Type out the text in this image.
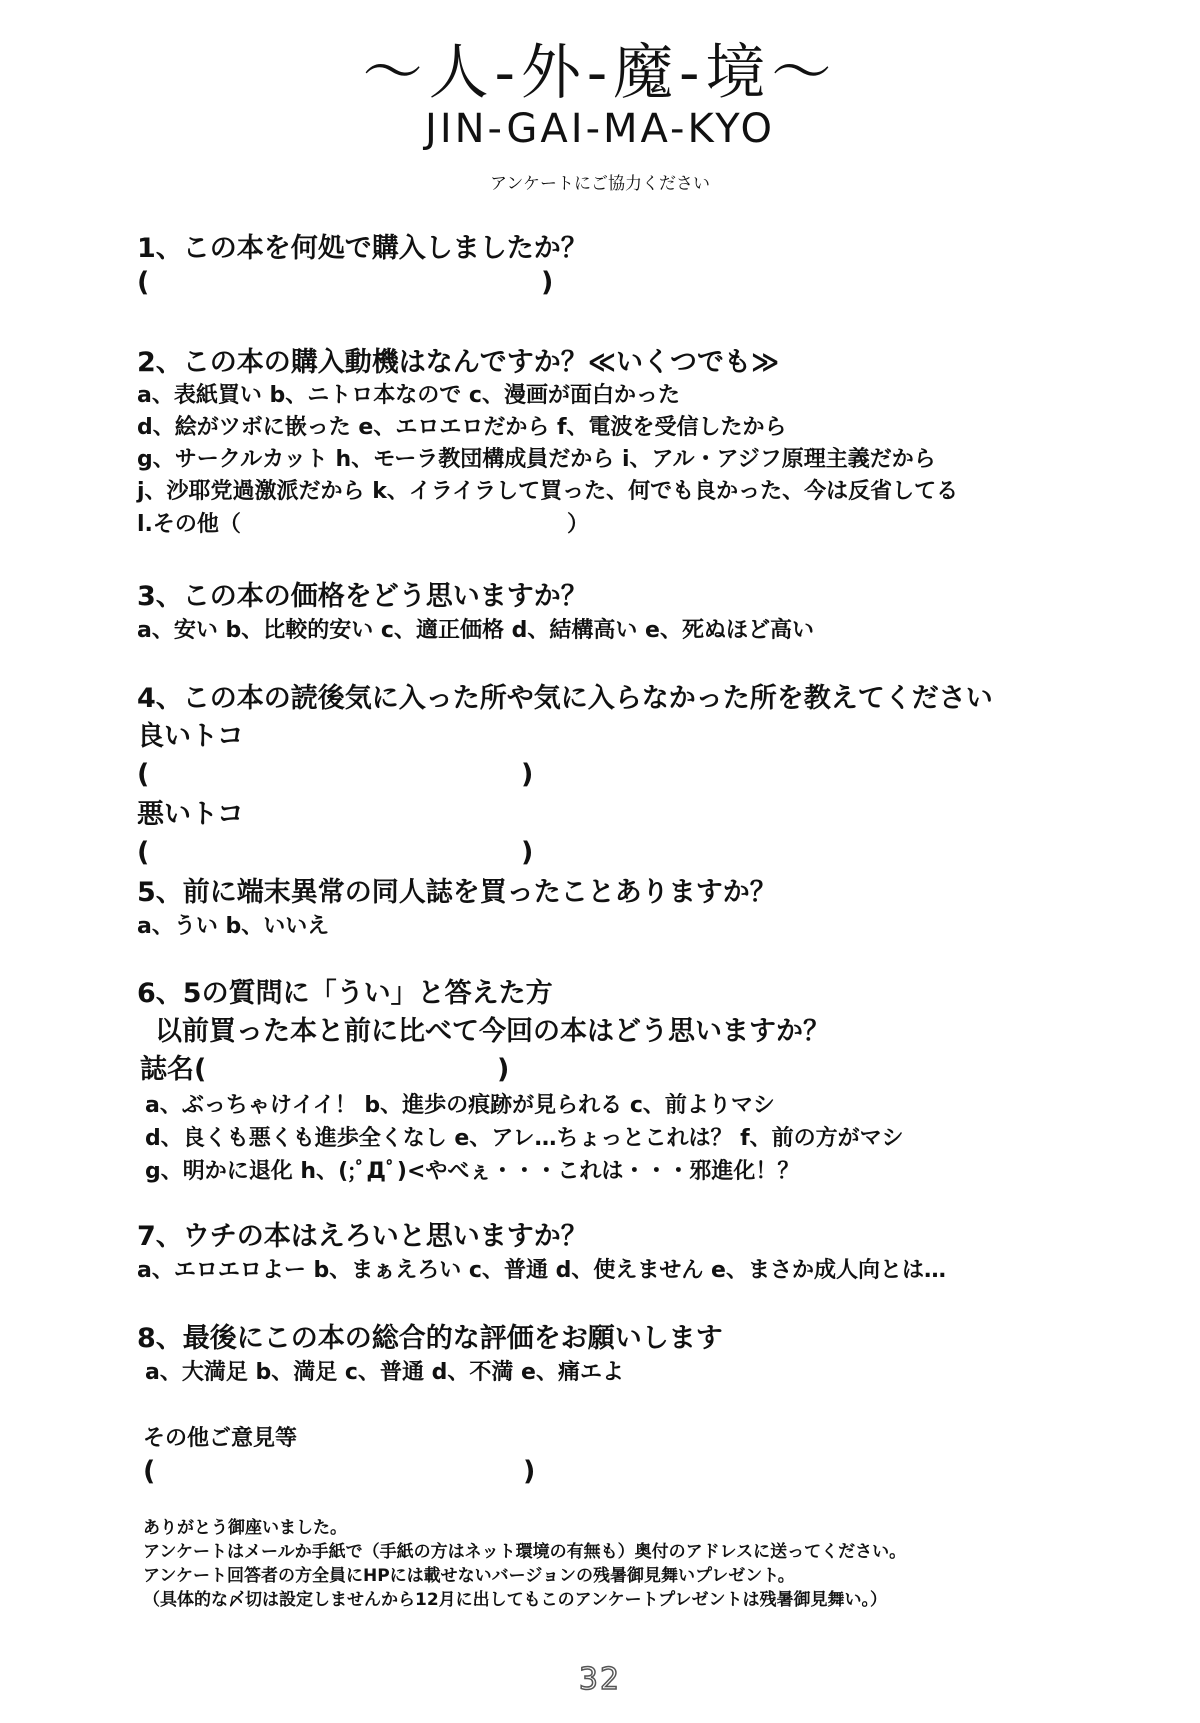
〜人-外-魔-境〜
JIN-GAI-MA-KYO
アンケートにご協力ください
1、この本を何処で購入しましたか？
(	)
2、この本の購入動機はなんですか？≪いくつでも≫
a、表紙買い b、ニトロ本なので c、漫画が面白かった
d、絵がツボに嵌った e、エロエロだから f、電波を受信したから
g、サークルカット h、モーラ教団構成員だから i、アル・アジフ原理主義だから
j、沙耶党過激派だから k、イライラして買った、何でも良かった、今は反省してる
l.その他（	）
3、この本の価格をどう思いますか？
a、安い b、比較的安い c、適正価格 d、結構高い e、死ぬほど高い
4、この本の読後気に入った所や気に入らなかった所を教えてください
良いトコ
(	)
悪いトコ
(	)
5、前に端末異常の同人誌を買ったことありますか？
a、うい b、いいえ
6、5の質問に「うい」と答えた方
以前買った本と前に比べて今回の本はどう思いますか？
誌名(	)
a、ぶっちゃけイイ！ b、進歩の痕跡が見られる c、前よりマシ
d、良くも悪くも進歩全くなし e、アレ…ちょっとこれは？ f、前の方がマシ
g、明かに退化 h、(;ﾟДﾟ)<やべぇ・・・これは・・・邪進化！？
7、ウチの本はえろいと思いますか？
a、エロエロよー b、まぁえろい c、普通 d、使えません e、まさか成人向とは…
8、最後にこの本の総合的な評価をお願いします
a、大満足 b、満足 c、普通 d、不満 e、痛エよ
その他ご意見等
(	)
ありがとう御座いました。
アンケートはメールか手紙で（手紙の方はネット環境の有無も）奥付のアドレスに送ってください。
アンケート回答者の方全員にHPには載せないバージョンの残暑御見舞いプレゼント。
（具体的な〆切は設定しませんから12月に出してもこのアンケートプレゼントは残暑御見舞い。）
32
